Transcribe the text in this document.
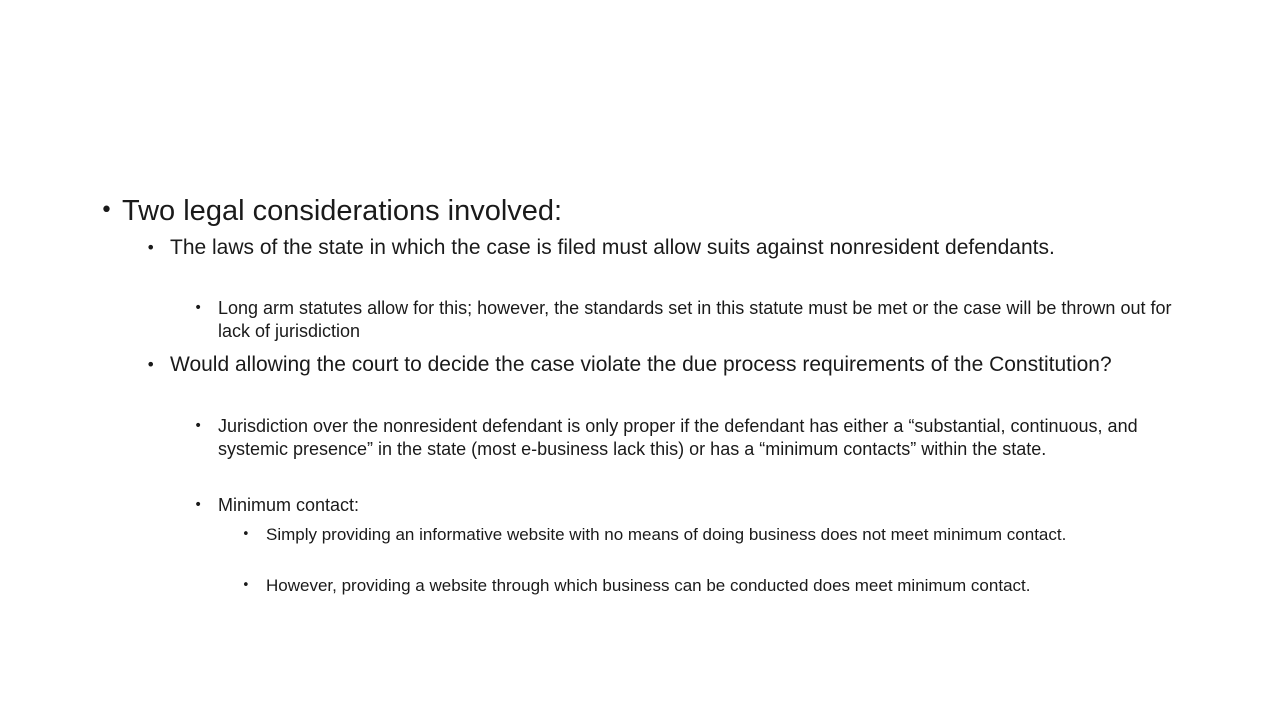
• Two legal considerations involved:
• The laws of the state in which the case is filed must allow suits against nonresident defendants.
• Long arm statutes allow for this; however, the standards set in this statute must be met or the case will be thrown out for lack of jurisdiction
• Would allowing the court to decide the case violate the due process requirements of the Constitution?
• Jurisdiction over the nonresident defendant is only proper if the defendant has either a “substantial, continuous, and systemic presence” in the state (most e-business lack this) or has a “minimum contacts” within the state.
• Minimum contact:
• Simply providing an informative website with no means of doing business does not meet minimum contact.
• However, providing a website through which business can be conducted does meet minimum contact.
